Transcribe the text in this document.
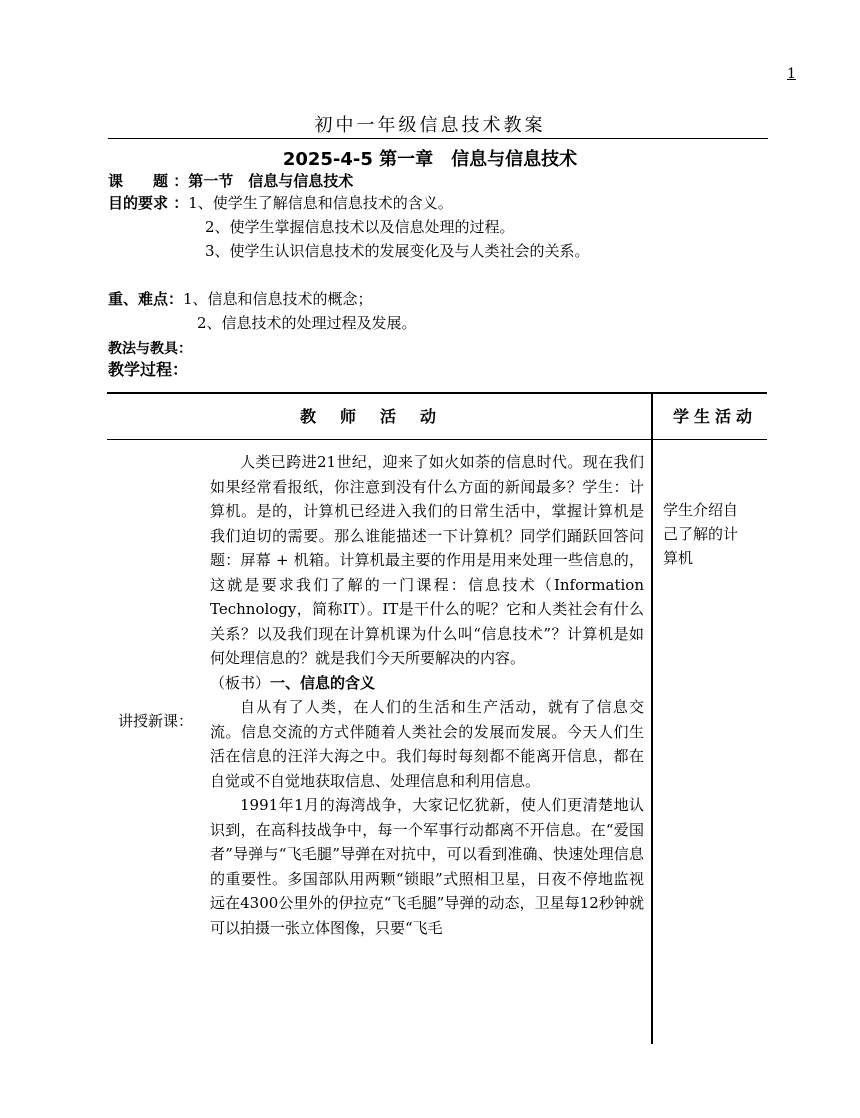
1
初中一年级信息技术教案
2025-4-5 第一章　信息与信息技术
课　　题 ：第一节　信息与信息技术
目的要求 ：1、使学生了解信息和信息技术的含义。
2、使学生掌握信息技术以及信息处理的过程。
3、使学生认识信息技术的发展变化及与人类社会的关系。
重、难点：1、信息和信息技术的概念；
2、信息技术的处理过程及发展。
教法与教具：
教学过程：
教师活动	学生活动

人类已跨进21世纪，迎来了如火如荼的信息时代。现在我们如果经常看报纸，你注意到没有什么方面的新闻最多？学生：计算机。是的，计算机已经进入我们的日常生活中，掌握计算机是我们迫切的需要。那么谁能描述一下计算机？同学们踊跃回答问题：屏幕 + 机箱。计算机最主要的作用是用来处理一些信息的，这就是要求我们了解的一门课程：信息技术（Information Technology，简称IT）。IT是干什么的呢？它和人类社会有什么关系？以及我们现在计算机课为什么叫“信息技术”？计算机是如何处理信息的？就是我们今天所要解决的内容。

（板书）一、信息的含义

自从有了人类，在人们的生活和生产活动，就有了信息交流。信息交流的方式伴随着人类社会的发展而发展。今天人们生活在信息的汪洋大海之中。我们每时每刻都不能离开信息，都在自觉或不自觉地获取信息、处理信息和利用信息。

1991年1月的海湾战争，大家记忆犹新，使人们更清楚地认识到，在高科技战争中，每一个军事行动都离不开信息。在“爱国者”导弹与“飞毛腿”导弹在对抗中，可以看到准确、快速处理信息的重要性。多国部队用两颗“锁眼”式照相卫星，日夜不停地监视远在4300公里外的伊拉克“飞毛腿”导弹的动态，卫星每12秒钟就可以拍摄一张立体图像，只要“飞毛

讲授新课：
学生介绍自己了解的计算机
